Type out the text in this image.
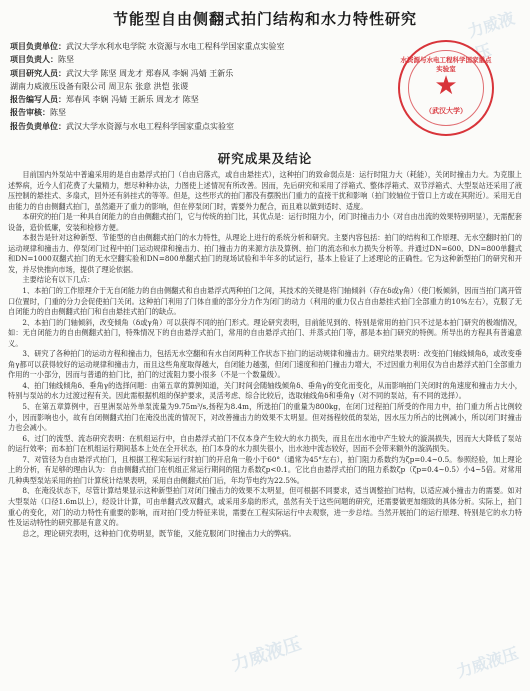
力威液压
力威液压	力威液压
节能型自由侧翻式拍门结构和水力特性研究
项目负责单位：武汉大学水利水电学院 水资源与水电工程科学国家重点实验室
项目负责人：陈坚
项目研究人员：武汉大学 陈坚 周龙才 郑春风 李娴 冯婧 王新乐
湖南力威液压设备有限公司 周卫东 张意 洪恺 张谡
报告编写人员：郑春风 李娴 冯婧 王新乐 周龙才 陈坚
报告审核：陈坚
报告负责单位：武汉大学水资源与水电工程科学国家重点实验室
水资源与水电工程科学国家重点实验室
★
（武汉大学）
研究成果及结论

目前国内外泵站中普遍采用的是自由悬浮式拍门（自由启落式，或自由悬挂式），这种拍门的致命弱点是：运行时阻力大（耗能），关闭时撞击力大。为克服上述弊病，近今人们花费了大量精力，想尽种种办法，力图使上述情况有所改善。因而，先后研究和采用了浮箱式、整体浮箱式、双节浮箱式、大型泵站还采用了液压控制的悬挂式、多扇式，回外还有斜挂式的等等。但是，这些形式的拍门都没有摆脱出门重力的直接干扰和影响（拍门较轴位于管口上方或在其附近）。采用无自由能力的自由侧翻式拍门，虽然避开了重力的影响，但在停泵闭门时，需要外力配合，而且难以做到适时、适度。

本研究的拍门是一种具自闭能力的自由侧翻式拍门，它与传统的拍门比，其优点是：运行时阻力小，闭门时撞击力小（对自由出流的效果特别明显），无需配套设备，造价低廉，安装和检修方便。

本报告是针对这种新型、节能型的自由侧翻式拍门的水力特性，从理论上进行的系统分析和研究。主要内容包括：拍门的结构和工作原理、无水空翻时拍门的运动规律和撞击力、停泵闭门过程中拍门运动规律和撞击力、拍门撞击力的来源方法及算例、拍门的流态和水力损失分析等。并通过DN=600、DN=800单翻式和DN=1000双翻式拍门的无水空翻实验和DN=800单翻式拍门的现场试验和半年多的试运行，基本上验证了上述理论的正确性。它为这种新型拍门的研究和开发，并尽快推向市场，提供了理论依据。

主要结论有以下几点：

1、本拍门的工作原理介于无自闭能力的自由侧翻式和自由悬浮式两种拍门之间，其技术的关键是将门轴倾斜（存在δ或γ角）（使门板倾斜，因而当拍门离开管口位置时，门重的分力会促使拍门关闭。这种拍门利用了门体自重的部分分力作为闭门的动力（利用的重力仅占自由悬挂式拍门全部重力的10%左右），克服了无自闭能力的自由侧翻式拍门和自由悬挂式拍门的缺点。

2、本拍门的门轴倾斜，改变倾角（δ或γ角）可以获得不同的拍门形式。理论研究表明，目前能见到的、特别是常用的拍门只不过是本拍门研究的极端情况，如：无自闭能力的自由侧翻式拍门，特殊情况下的自由悬浮式拍门，常用的自由悬浮式拍门、并蒸式拍门等，都是本拍门研究的特例。所导出的方程具有普遍意义。

3、研究了各种拍门的运动方程和撞击力，包括无水空翻和有水自闭两种工作状态下拍门的运动规律和撞击力。研究结果表明：改变拍门轴线倾角δ，或改变垂角γ都可以获得较好的运动规律和撞击力，而且这些角度取得越大，自闭能力越强，但闭门速度和拍门撞击力增大，不过因重力利用仅为自由悬浮式拍门全部重力作用的一小部分，因而与普通的拍门比，拍门的过流阻力要小很多（不是一个数量级）。

4、拍门轴线倾角δ、垂角γ的选择问题：由第五章的算例知道，关门时间会随轴线倾角δ、垂角γ的变化而变化，从而影响拍门关闭时的角速度和撞击力大小，特别与泵站的水力过渡过程有关。因此需根据机组的保护要求，灵活考虑、综合比较后，选取轴线角δ和垂角γ（对不同的泵站，有不同的选择）。

5、在第五章算例中，百里洲泵站外单泵流量为9.75m³/s,扬程为8.4m，所选拍门的重量为800kg，在闭门过程拍门所受的作用力中，拍门重力所占比例较小，因而影响也小，故有自闭侧翻式拍门在淹没出流的情况下，对改善撞击力的效果不太明显。但对扬程较低的泵站，因水压力所占的比例减小，所以闭门时撞击力也会减小。

6、过门的流型、流态研究表明：在机组运行中，自由悬浮式拍门不仅本身产生较大的水力损失，而且在出水池中产生较大的漩涡损失，因而大大降低了泵站的运行效率；而本拍门在机组运行期间基本上处在全开状态，拍门本身的水力损失很小，出水池中流态较好，因而不会带来额外的漩涡损失。

7、对管径为自由悬浮式拍门，且根据工程实际运行时拍门的开启角一般小于60°（通常为45°左右），拍门阻力系数约为ζp=0.4~0.5。参照经验，加上理论上的分析，有足够的理由认为：自由侧翻式拍门在机组正常运行期间的阻力系数ζp<0.1。它比自由悬浮式拍门的阻力系数ζp（ζp=0.4~0.5）小4~5倍。对常用几种典型泵站采用的拍门计算统计结果表明，采用自由侧翻式拍门后，年均节电约为22.5%。

8、在淹没状态下，尽管计算结果显示这种新型拍门对闭门撞击力的效果不太明显，但可根据不同要求，适当调整拍门结构，以适应减小撞击力的需要。如对大型泵站（口径1.6m以上），经设计计算，可由单翻式改双翻式，或采用多扇的形式，虽然有关于这些问题的研究，还需要做更加细致的具体分析。实际上，拍门重心的变化，对门的动力特性有重要的影响，而对拍门受力特征来说，需要在工程实际运行中去观察，进一步总结。当然开展拍门的运行原理、特别是它的水力特性及运动特性的研究都是有意义的。

总之，理论研究表明，这种拍门优势明显，既节能，又能克服闭门时撞击力大的弊病。
